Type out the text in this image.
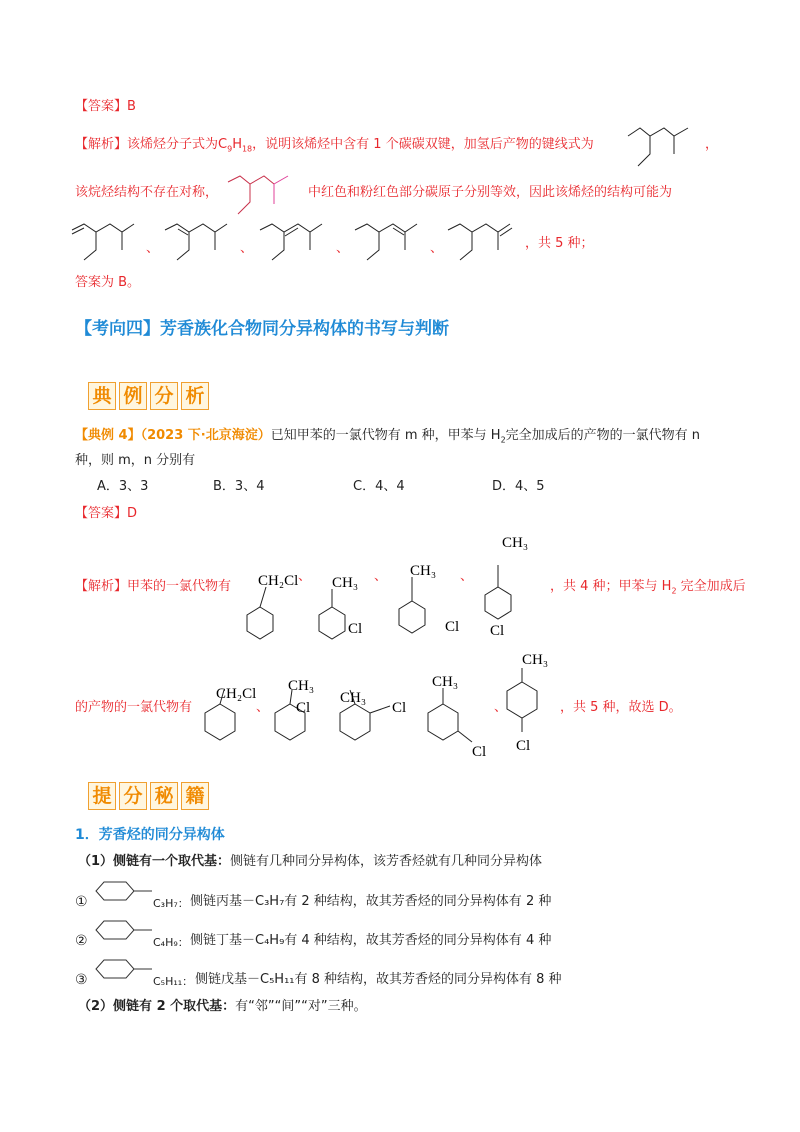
【答案】B
【解析】该烯烃分子式为$C_9H_{18}$，说明该烯烃中含有 1 个碳碳双键，加氢后产物的键线式为	，
该烷烃结构不存在对称，	中红色和粉红色部分碳原子分别等效，因此该烯烃的结构可能为
、	、	、	、	，共 5 种；
答案为 B。
【考向四】芳香族化合物同分异构体的书写与判断
典 例 分 析
【典例 4】（2023 下·北京海淀）已知甲苯的一氯代物有 m 种，甲苯与 $H_2$完全加成后的产物的一氯代物有 n
种，则 m，n 分别有
A．3、3	B．3、4	C．4、4	D．4、5
【答案】D
【解析】甲苯的一氯代物有 CH₂Cl CH₃
Cl
CH₃
Cl
CH₃
Cl
、	、	、
，共 4 种；甲苯与 $H_2$ 完全加成后
的产物的一氯代物有
CH₂Cl CH₃
Cl
CH₃
Cl
CH₃
Cl
CH₃
Cl
、	、	，共 5 种，故选 D。
提 分 秘 籍
1．芳香烃的同分异构体
（1）侧链有一个取代基：侧链有几种同分异构体，该芳香烃就有几种同分异构体
①	C₃H₇： 侧链丙基－C₃H₇有 2 种结构，故其芳香烃的同分异构体有 2 种
②	C₄H₉： 侧链丁基－C₄H₉有 4 种结构，故其芳香烃的同分异构体有 4 种
③	C₅H₁₁： 侧链戊基－C₅H₁₁有 8 种结构，故其芳香烃的同分异构体有 8 种
（2）侧链有 2 个取代基：有“邻”“间”“对”三种。
